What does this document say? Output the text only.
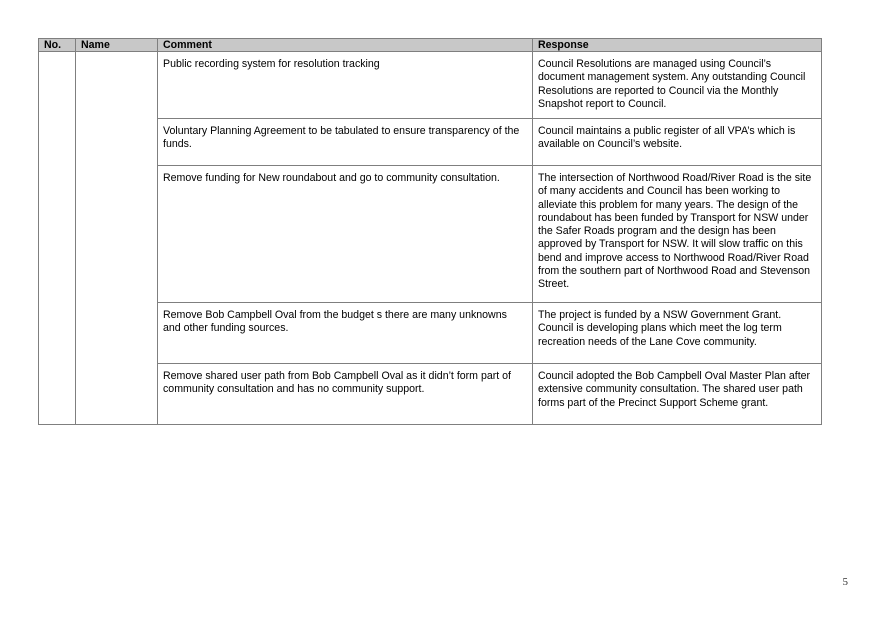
No.	Name	Comment	Response
		Public recording system for resolution tracking	Council Resolutions are managed using Council’s document management system. Any outstanding Council Resolutions are reported to Council via the Monthly Snapshot report to Council.
		Voluntary Planning Agreement to be tabulated to ensure transparency of the funds.	Council maintains a public register of all VPA’s which is available on Council’s website.
		Remove funding for New roundabout and go to community consultation.	The intersection of Northwood Road/River Road is the site of many accidents and Council has been working to alleviate this problem for many years. The design of the roundabout has been funded by Transport for NSW under the Safer Roads program and the design has been approved by Transport for NSW. It will slow traffic on this bend and improve access to Northwood Road/River Road from the southern part of Northwood Road and Stevenson Street.
		Remove Bob Campbell Oval from the budget s there are many unknowns and other funding sources.	The project is funded by a NSW Government Grant. Council is developing plans which meet the log term recreation needs of the Lane Cove community.
		Remove shared user path from Bob Campbell Oval as it didn’t form part of community consultation and has no community support.	Council adopted the Bob Campbell Oval Master Plan after extensive community consultation. The shared user path forms part of the Precinct Support Scheme grant.
5
